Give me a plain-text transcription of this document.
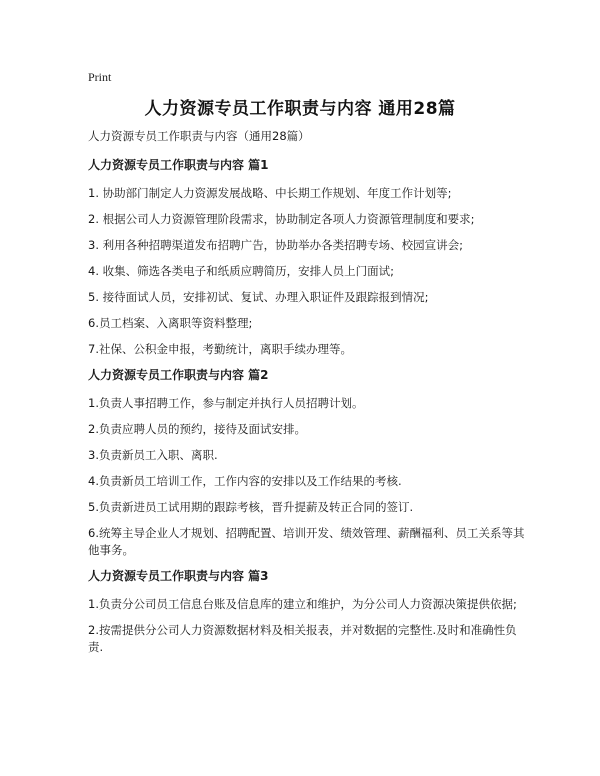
Print
人力资源专员工作职责与内容 通用28篇

人力资源专员工作职责与内容（通用28篇）

人力资源专员工作职责与内容 篇1

1. 协助部门制定人力资源发展战略、中长期工作规划、年度工作计划等;

2. 根据公司人力资源管理阶段需求，协助制定各项人力资源管理制度和要求;

3. 利用各种招聘渠道发布招聘广告，协助举办各类招聘专场、校园宣讲会;

4. 收集、筛选各类电子和纸质应聘简历，安排人员上门面试;

5. 接待面试人员，安排初试、复试、办理入职证件及跟踪报到情况;

6.员工档案、入离职等资料整理;

7.社保、公积金申报，考勤统计，离职手续办理等。

人力资源专员工作职责与内容 篇2

1.负责人事招聘工作，参与制定并执行人员招聘计划。

2.负责应聘人员的预约，接待及面试安排。

3.负责新员工入职、离职.

4.负责新员工培训工作，工作内容的安排以及工作结果的考核.

5.负责新进员工试用期的跟踪考核，晋升提薪及转正合同的签订.

6.统筹主导企业人才规划、招聘配置、培训开发、绩效管理、薪酬福利、员工关系等其他事务。

人力资源专员工作职责与内容 篇3

1.负责分公司员工信息台账及信息库的建立和维护，为分公司人力资源决策提供依据;

2.按需提供分公司人力资源数据材料及相关报表，并对数据的完整性.及时和准确性负责.
